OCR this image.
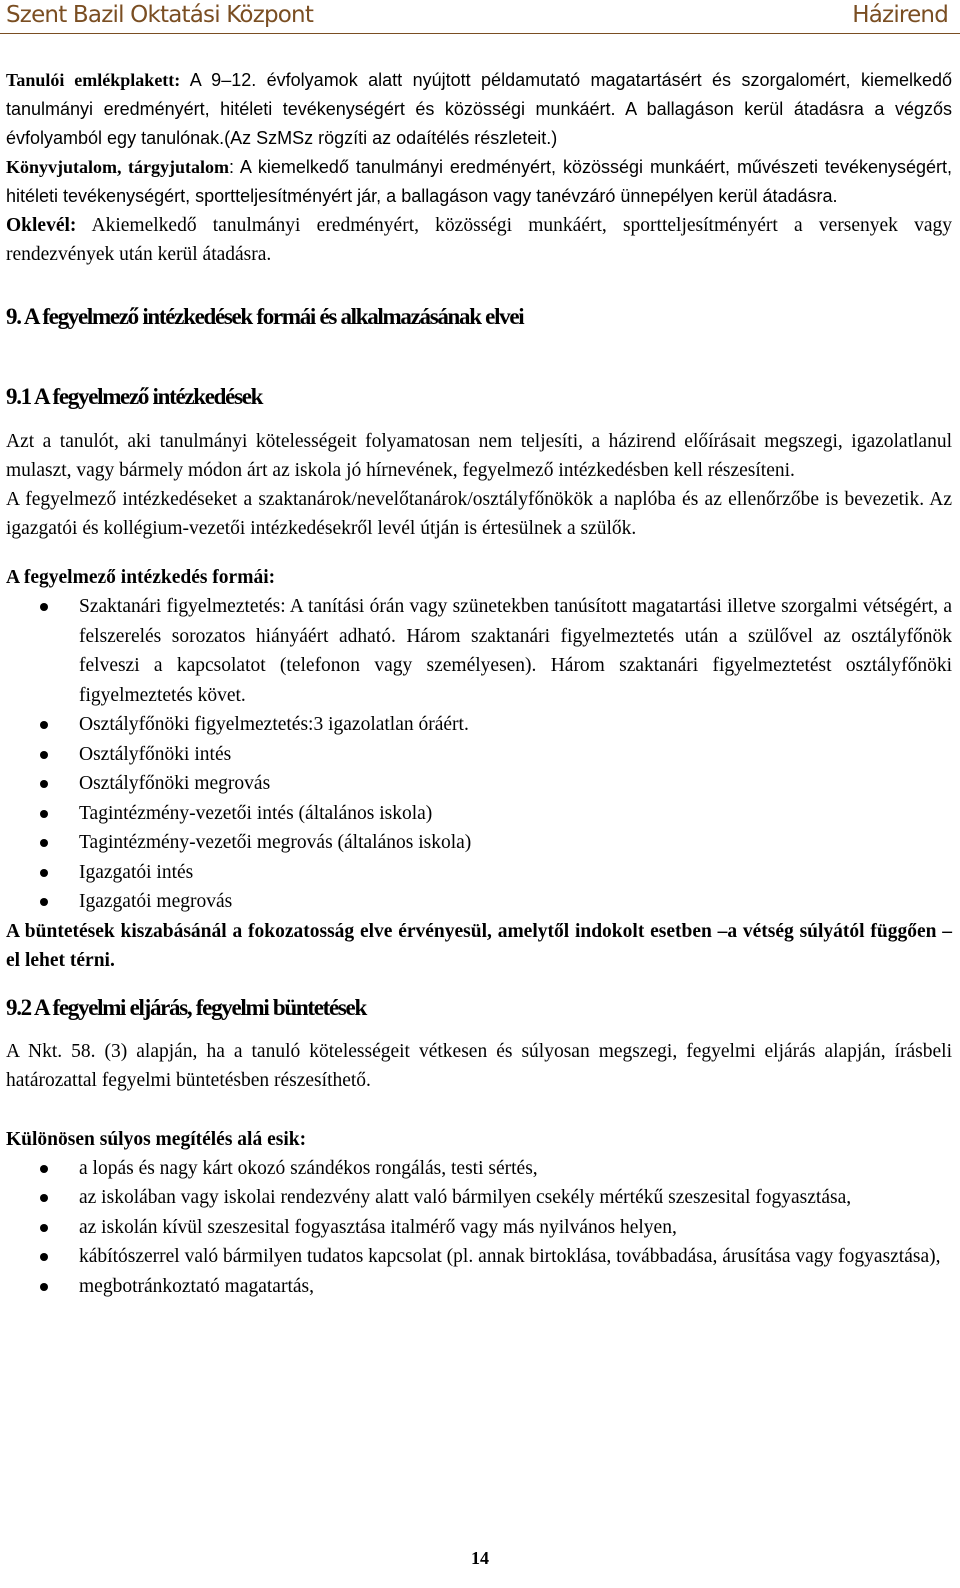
Szent Bazil Oktatási Központ	Házirend

Tanulói emlékplakett: A 9–12. évfolyamok alatt nyújtott példamutató magatartásért és szorgalomért, kiemelkedő tanulmányi eredményért, hitéleti tevékenységért és közösségi munkáért. A ballagáson kerül átadásra a végzős évfolyamból egy tanulónak.(Az SzMSz rögzíti az odaítélés részleteit.)

Könyvjutalom, tárgyjutalom: A kiemelkedő tanulmányi eredményért, közösségi munkáért, művészeti tevékenységért, hitéleti tevékenységért, sportteljesítményért jár, a ballagáson vagy tanévzáró ünnepélyen kerül átadásra.

Oklevél: Akiemelkedő tanulmányi eredményért, közösségi munkáért, sportteljesítményért a versenyek vagy rendezvények után kerül átadásra.

9. A fegyelmező intézkedések formái és alkalmazásának elvei
9.1 A fegyelmező intézkedések

Azt a tanulót, aki tanulmányi kötelességeit folyamatosan nem teljesíti, a házirend előírásait megszegi, igazolatlanul mulaszt, vagy bármely módon árt az iskola jó hírnevének, fegyelmező intézkedésben kell részesíteni.

A fegyelmező intézkedéseket a szaktanárok/nevelőtanárok/osztályfőnökök a naplóba és az ellenőrzőbe is bevezetik. Az igazgatói és kollégium-vezetői intézkedésekről levél útján is értesülnek a szülők.

A fegyelmező intézkedés formái:

Szaktanári figyelmeztetés: A tanítási órán vagy szünetekben tanúsított magatartási illetve szorgalmi vétségért, a felszerelés sorozatos hiányáért adható. Három szaktanári figyelmeztetés után a szülővel az osztályfőnök felveszi a kapcsolatot (telefonon vagy személyesen). Három szaktanári figyelmeztetést osztályfőnöki figyelmeztetés követ.
Osztályfőnöki figyelmeztetés:3 igazolatlan óráért.
Osztályfőnöki intés
Osztályfőnöki megrovás
Tagintézmény-vezetői intés (általános iskola)
Tagintézmény-vezetői megrovás (általános iskola)
Igazgatói intés
Igazgatói megrovás

A büntetések kiszabásánál a fokozatosság elve érvényesül, amelytől indokolt esetben –a vétség súlyától függően –el lehet térni.

9.2 A fegyelmi eljárás, fegyelmi büntetések

A Nkt. 58. (3) alapján, ha a tanuló kötelességeit vétkesen és súlyosan megszegi, fegyelmi eljárás alapján, írásbeli határozattal fegyelmi büntetésben részesíthető.

Különösen súlyos megítélés alá esik:

a lopás és nagy kárt okozó szándékos rongálás, testi sértés,
az iskolában vagy iskolai rendezvény alatt való bármilyen csekély mértékű szeszesital fogyasztása,
az iskolán kívül szeszesital fogyasztása italmérő vagy más nyilvános helyen,
kábítószerrel való bármilyen tudatos kapcsolat (pl. annak birtoklása, továbbadása, árusítása vagy fogyasztása),
megbotránkoztató magatartás,
14
